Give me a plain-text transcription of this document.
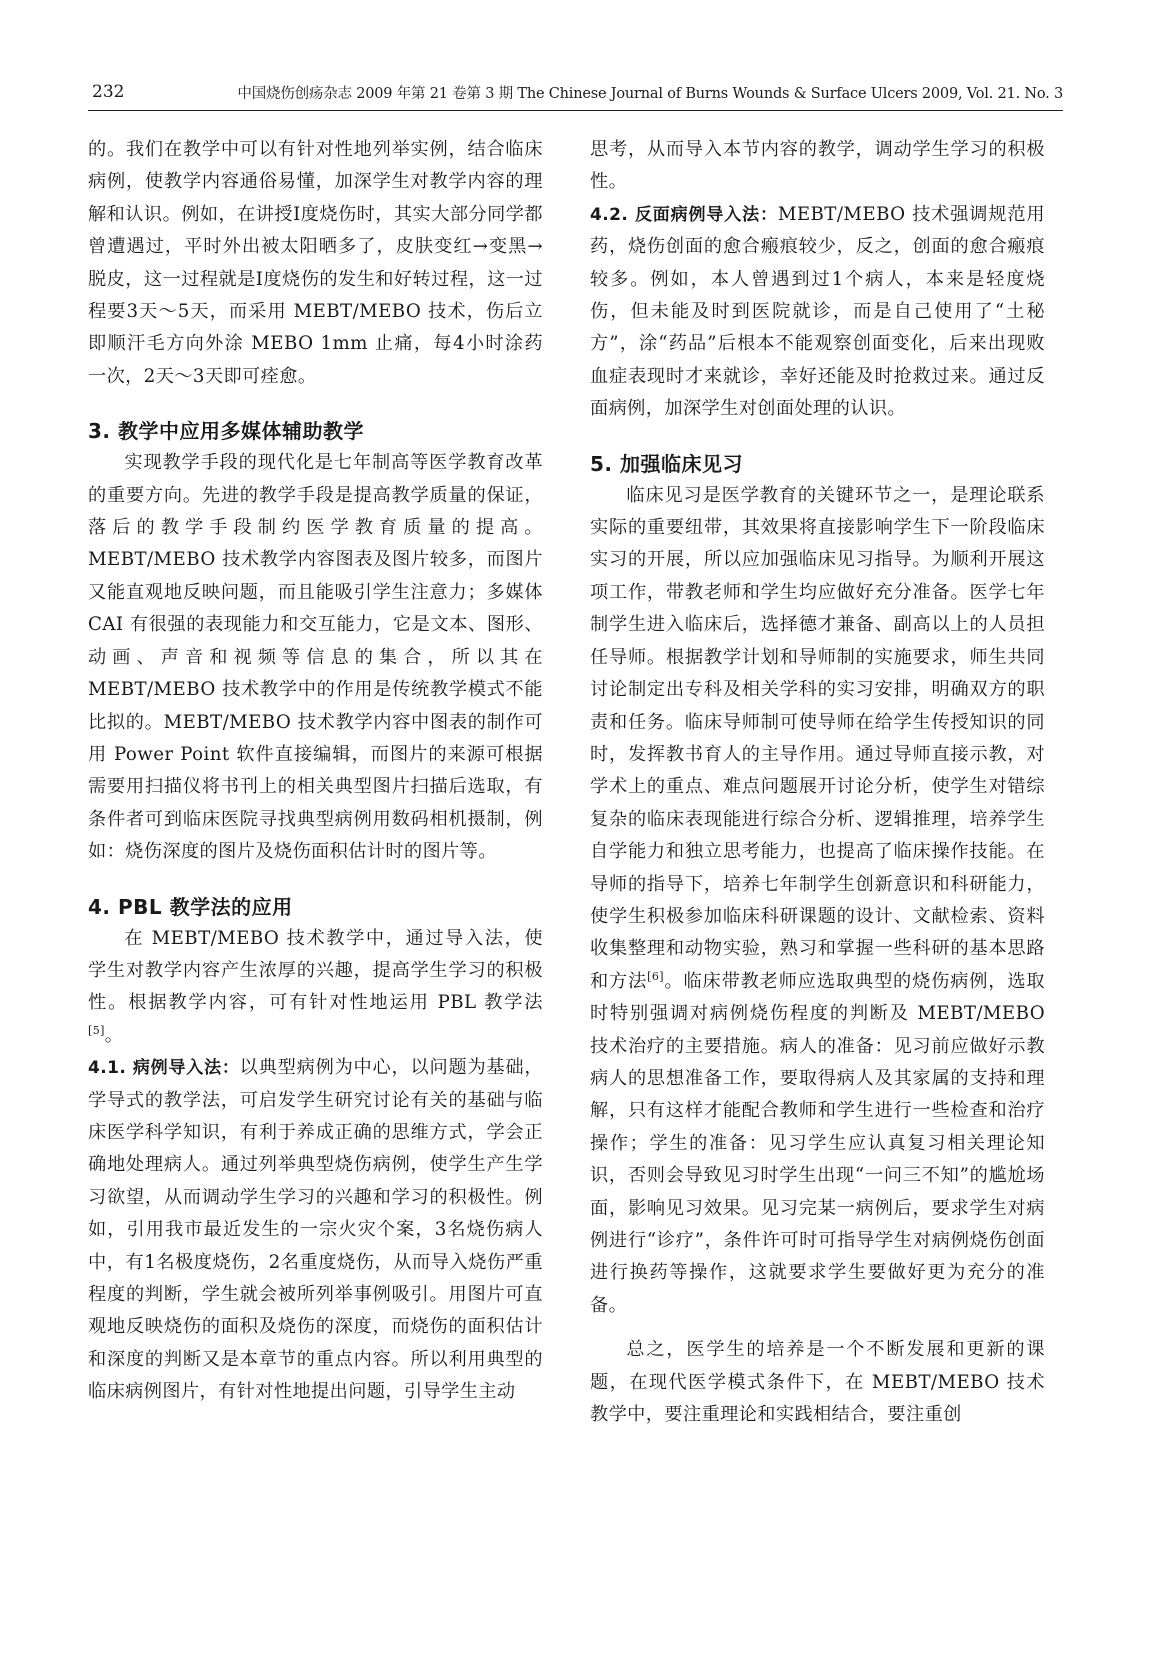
232	中国烧伤创疡杂志 2009 年第 21 卷第 3 期 The Chinese Journal of Burns Wounds & Surface Ulcers 2009, Vol. 21. No. 3

的。我们在教学中可以有针对性地列举实例，结合临床病例，使教学内容通俗易懂，加深学生对教学内容的理解和认识。例如，在讲授Ⅰ度烧伤时，其实大部分同学都曾遭遇过，平时外出被太阳晒多了，皮肤变红→变黑→脱皮，这一过程就是Ⅰ度烧伤的发生和好转过程，这一过程要3天～5天，而采用 MEBT/MEBO 技术，伤后立即顺汗毛方向外涂 MEBO 1mm 止痛，每4小时涂药一次，2天～3天即可痊愈。

3. 教学中应用多媒体辅助教学

实现教学手段的现代化是七年制高等医学教育改革的重要方向。先进的教学手段是提高教学质量的保证，落后的教学手段制约医学教育质量的提高。MEBT/MEBO 技术教学内容图表及图片较多，而图片又能直观地反映问题，而且能吸引学生注意力；多媒体 CAI 有很强的表现能力和交互能力，它是文本、图形、动画、声音和视频等信息的集合，所以其在 MEBT/MEBO 技术教学中的作用是传统教学模式不能比拟的。MEBT/MEBO 技术教学内容中图表的制作可用 Power Point 软件直接编辑，而图片的来源可根据需要用扫描仪将书刊上的相关典型图片扫描后选取，有条件者可到临床医院寻找典型病例用数码相机摄制，例如：烧伤深度的图片及烧伤面积估计时的图片等。

4. PBL 教学法的应用

在 MEBT/MEBO 技术教学中，通过导入法，使学生对教学内容产生浓厚的兴趣，提高学生学习的积极性。根据教学内容，可有针对性地运用 PBL 教学法[5]。

4.1. 病例导入法：以典型病例为中心，以问题为基础，学导式的教学法，可启发学生研究讨论有关的基础与临床医学科学知识，有利于养成正确的思维方式，学会正确地处理病人。通过列举典型烧伤病例，使学生产生学习欲望，从而调动学生学习的兴趣和学习的积极性。例如，引用我市最近发生的一宗火灾个案，3名烧伤病人中，有1名极度烧伤，2名重度烧伤，从而导入烧伤严重程度的判断，学生就会被所列举事例吸引。用图片可直观地反映烧伤的面积及烧伤的深度，而烧伤的面积估计和深度的判断又是本章节的重点内容。所以利用典型的临床病例图片，有针对性地提出问题，引导学生主动

思考，从而导入本节内容的教学，调动学生学习的积极性。

4.2. 反面病例导入法：MEBT/MEBO 技术强调规范用药，烧伤创面的愈合瘢痕较少，反之，创面的愈合瘢痕较多。例如，本人曾遇到过1个病人，本来是轻度烧伤，但未能及时到医院就诊，而是自己使用了“土秘方”，涂“药品”后根本不能观察创面变化，后来出现败血症表现时才来就诊，幸好还能及时抢救过来。通过反面病例，加深学生对创面处理的认识。

5. 加强临床见习

临床见习是医学教育的关键环节之一，是理论联系实际的重要纽带，其效果将直接影响学生下一阶段临床实习的开展，所以应加强临床见习指导。为顺利开展这项工作，带教老师和学生均应做好充分准备。医学七年制学生进入临床后，选择德才兼备、副高以上的人员担任导师。根据教学计划和导师制的实施要求，师生共同讨论制定出专科及相关学科的实习安排，明确双方的职责和任务。临床导师制可使导师在给学生传授知识的同时，发挥教书育人的主导作用。通过导师直接示教，对学术上的重点、难点问题展开讨论分析，使学生对错综复杂的临床表现能进行综合分析、逻辑推理，培养学生自学能力和独立思考能力，也提高了临床操作技能。在导师的指导下，培养七年制学生创新意识和科研能力，使学生积极参加临床科研课题的设计、文献检索、资料收集整理和动物实验，熟习和掌握一些科研的基本思路和方法[6]。临床带教老师应选取典型的烧伤病例，选取时特别强调对病例烧伤程度的判断及 MEBT/MEBO 技术治疗的主要措施。病人的准备：见习前应做好示教病人的思想准备工作，要取得病人及其家属的支持和理解，只有这样才能配合教师和学生进行一些检查和治疗操作；学生的准备：见习学生应认真复习相关理论知识，否则会导致见习时学生出现“一问三不知”的尴尬场面，影响见习效果。见习完某一病例后，要求学生对病例进行“诊疗”，条件许可时可指导学生对病例烧伤创面进行换药等操作，这就要求学生要做好更为充分的准备。

总之，医学生的培养是一个不断发展和更新的课题，在现代医学模式条件下，在 MEBT/MEBO 技术教学中，要注重理论和实践相结合，要注重创
